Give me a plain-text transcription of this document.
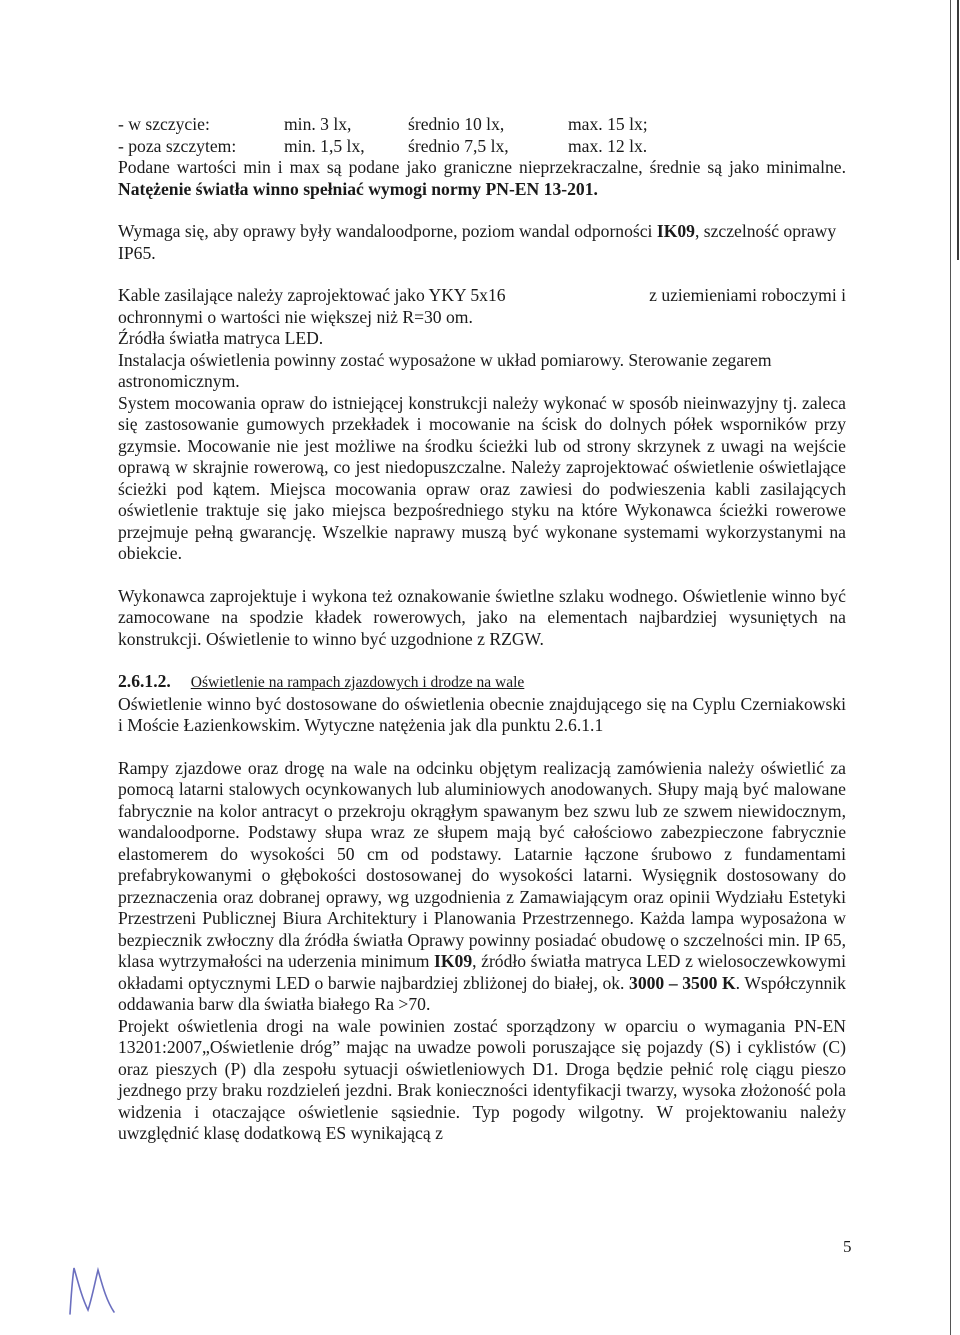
- w szczycie:	min. 3 lx,	średnio 10 lx,	max. 15 lx;
- poza szczytem:	min. 1,5 lx,	średnio 7,5 lx,	max. 12 lx.

Podane wartości min i max są podane jako graniczne nieprzekraczalne, średnie są jako minimalne. Natężenie światła winno spełniać wymogi normy PN-EN 13-201.

Wymaga się, aby oprawy były wandaloodporne, poziom wandal odporności IK09, szczelność oprawy IP65.

Kable zasilające należy zaprojektować jako YKY 5x16	z uziemieniami roboczymi i

ochronnymi o wartości nie większej niż R=30 om.

Źródła światła matryca LED.

Instalacja oświetlenia powinny zostać wyposażone w układ pomiarowy. Sterowanie zegarem astronomicznym.

System mocowania opraw do istniejącej konstrukcji należy wykonać w sposób nieinwazyjny tj. zaleca się zastosowanie gumowych przekładek i mocowanie na ścisk do dolnych półek wsporników przy gzymsie. Mocowanie nie jest możliwe na środku ścieżki lub od strony skrzynek z uwagi na wejście oprawą w skrajnie rowerową, co jest niedopuszczalne. Należy zaprojektować oświetlenie oświetlające ścieżki pod kątem. Miejsca mocowania opraw oraz zawiesi do podwieszenia kabli zasilających oświetlenie traktuje się jako miejsca bezpośredniego styku na które Wykonawca ścieżki rowerowe przejmuje pełną gwarancję. Wszelkie naprawy muszą być wykonane systemami wykorzystanymi na obiekcie.

Wykonawca zaprojektuje i wykona też oznakowanie świetlne szlaku wodnego. Oświetlenie winno być zamocowane na spodzie kładek rowerowych, jako na elementach najbardziej wysuniętych na konstrukcji. Oświetlenie to winno być uzgodnione z RZGW.

2.6.1.2. Oświetlenie na rampach zjazdowych i drodze na wale

Oświetlenie winno być dostosowane do oświetlenia obecnie znajdującego się na Cyplu Czerniakowski i Moście Łazienkowskim. Wytyczne natężenia jak dla punktu 2.6.1.1

Rampy zjazdowe oraz drogę na wale na odcinku objętym realizacją zamówienia należy oświetlić za pomocą latarni stalowych ocynkowanych lub aluminiowych anodowanych. Słupy mają być malowane fabrycznie na kolor antracyt o przekroju okrągłym spawanym bez szwu lub ze szwem niewidocznym, wandaloodporne. Podstawy słupa wraz ze słupem mają być całościowo zabezpieczone fabrycznie elastomerem do wysokości 50 cm od podstawy. Latarnie łączone śrubowo z fundamentami prefabrykowanymi o głębokości dostosowanej do wysokości latarni. Wysięgnik dostosowany do przeznaczenia oraz dobranej oprawy, wg uzgodnienia z Zamawiającym oraz opinii Wydziału Estetyki Przestrzeni Publicznej Biura Architektury i Planowania Przestrzennego. Każda lampa wyposażona w bezpiecznik zwłoczny dla źródła światła Oprawy powinny posiadać obudowę o szczelności min. IP 65, klasa wytrzymałości na uderzenia minimum IK09, źródło światła matryca LED z wielosoczewkowymi okładami optycznymi LED o barwie najbardziej zbliżonej do białej, ok. 3000 – 3500 K. Współczynnik oddawania barw dla światła białego Ra >70.

Projekt oświetlenia drogi na wale powinien zostać sporządzony w oparciu o wymagania PN-EN 13201:2007„Oświetlenie dróg” mając na uwadze powoli poruszające się pojazdy (S) i cyklistów (C) oraz pieszych (P) dla zespołu sytuacji oświetleniowych D1. Droga będzie pełnić rolę ciągu pieszo jezdnego przy braku rozdzieleń jezdni. Brak konieczności identyfikacji twarzy, wysoka złożoność pola widzenia i otaczające oświetlenie sąsiednie. Typ pogody wilgotny. W projektowaniu należy uwzględnić klasę dodatkową ES wynikającą z

5
